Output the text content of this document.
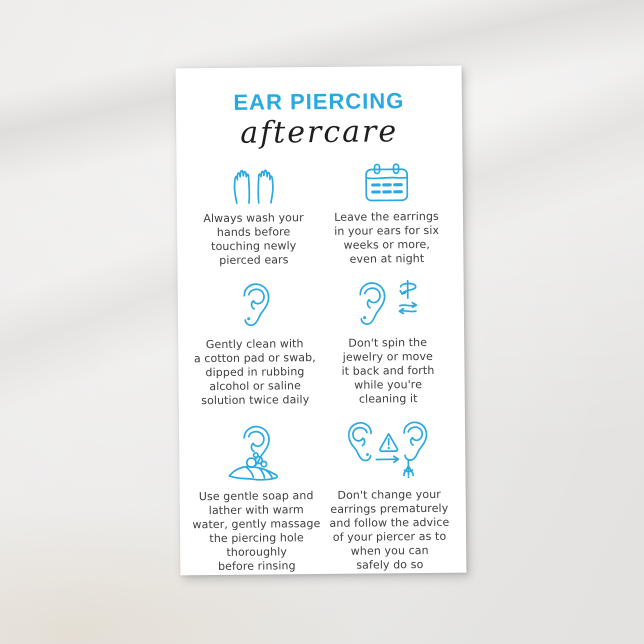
EAR PIERCING
aftercare
Always wash your
hands before
touching newly
pierced ears
Leave the earrings
in your ears for six
weeks or more,
even at night
Gently clean with
a cotton pad or swab,
dipped in rubbing
alcohol or saline
solution twice daily
Don't spin the
jewelry or move
it back and forth
while you're
cleaning it
Use gentle soap and
lather with warm
water, gently massage
the piercing hole
thoroughly
before rinsing
Don't change your
earrings prematurely
and follow the advice
of your piercer as to
when you can
safely do so
